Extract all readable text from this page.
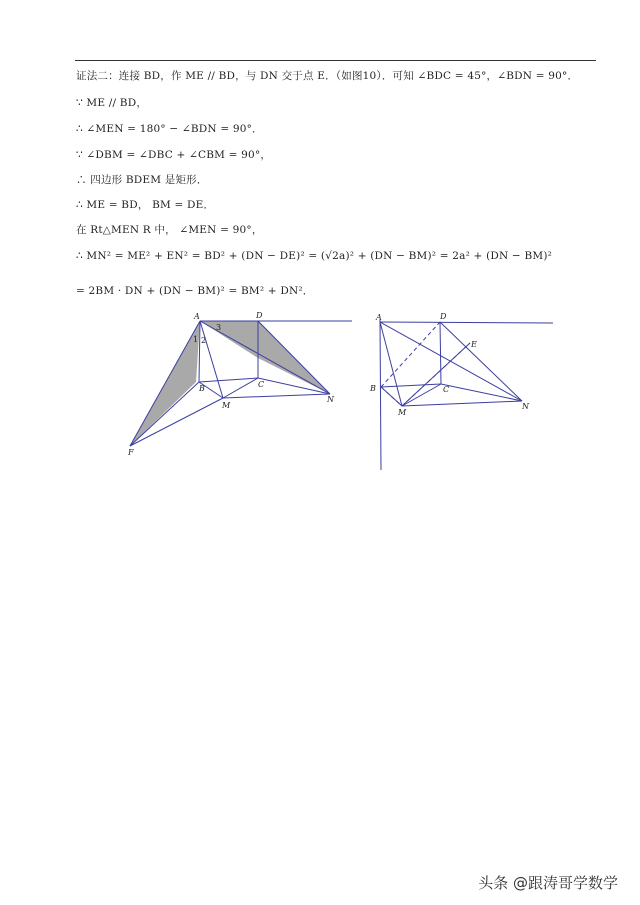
证法二：连接 BD，作 ME // BD，与 DN 交于点 E．（如图10）．可知 ∠BDC = 45°，∠BDN = 90°．
∵ ME // BD，
∴ ∠MEN = 180° − ∠BDN = 90°．
∵ ∠DBM = ∠DBC + ∠CBM = 90°，
∴ 四边形 BDEM 是矩形．
∴ ME = BD， BM = DE．
在 Rt△MEN R 中， ∠MEN = 90°，
∴ MN² = ME² + EN² = BD² + (DN − DE)² = (√2a)² + (DN − BM)² = 2a² + (DN − BM)²
= 2BM · DN + (DN − BM)² = BM² + DN²．
A	D
B	C
M
N
F
1 2
3
A	D
E
B	C
M
N
头条 @跟涛哥学数学
